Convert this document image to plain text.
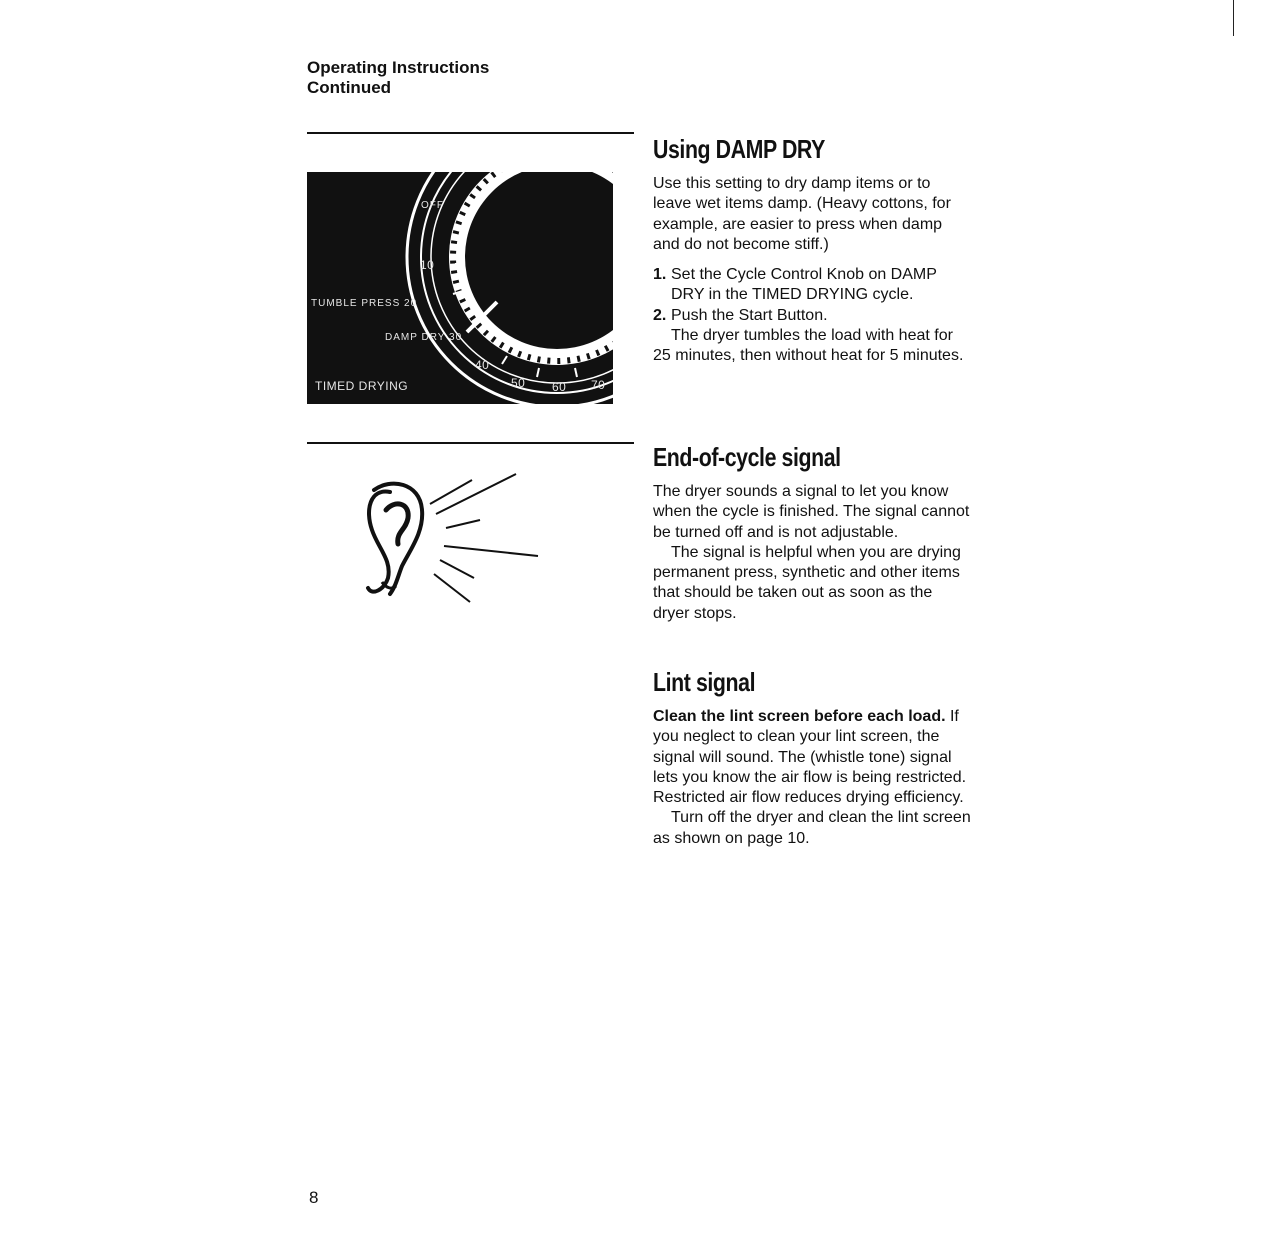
Operating Instructions
Continued
OFF
10
TUMBLE PRESS 20
DAMP DRY 30
40
TIMED DRYING	50 60 70
Using DAMP DRY

Use this setting to dry damp items or to leave wet items damp. (Heavy cottons, for example, are easier to press when damp and do not become stiff.)

1. Set the Cycle Control Knob on DAMP DRY in the TIMED DRYING cycle.
2. Push the Start Button.

The dryer tumbles the load with heat for 25 minutes, then without heat for 5 minutes.

End-of-cycle signal

The dryer sounds a signal to let you know when the cycle is finished. The signal cannot be turned off and is not adjustable.

The signal is helpful when you are drying permanent press, synthetic and other items that should be taken out as soon as the dryer stops.

Lint signal

Clean the lint screen before each load. If you neglect to clean your lint screen, the signal will sound. The (whistle tone) signal lets you know the air flow is being restricted. Restricted air flow reduces drying efficiency.

Turn off the dryer and clean the lint screen as shown on page 10.

8
